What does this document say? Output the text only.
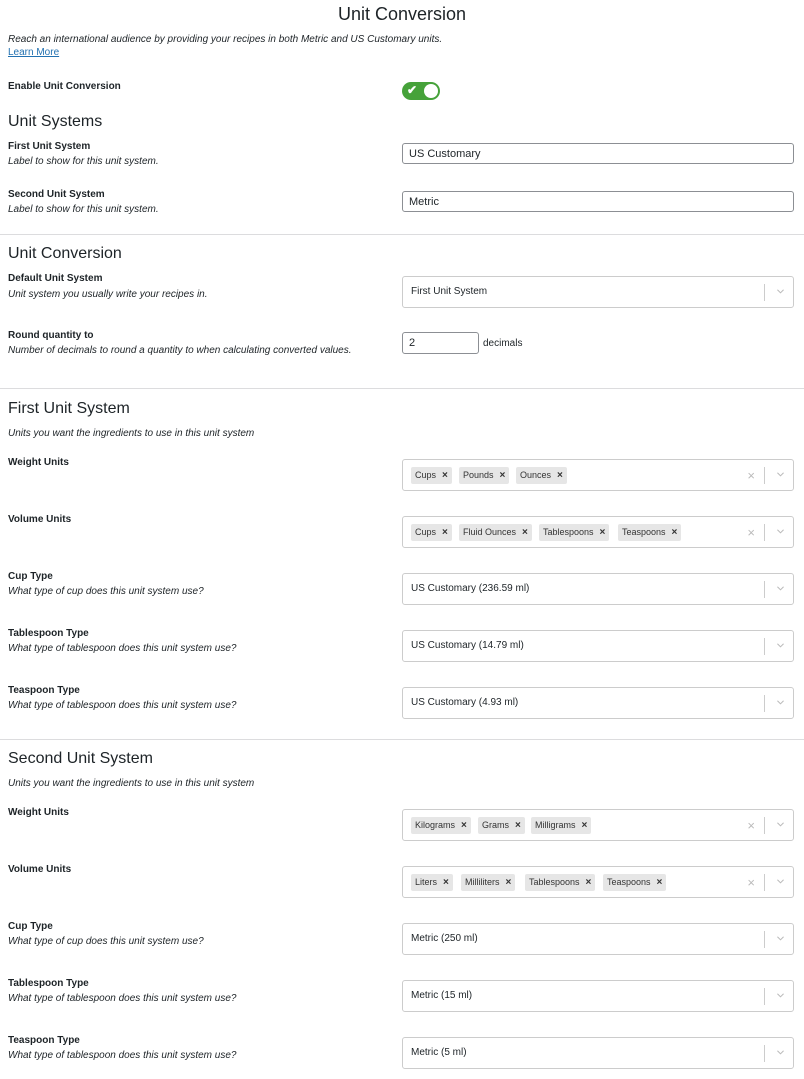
Unit Conversion
Reach an international audience by providing your recipes in both Metric and US Customary units.
Learn More
Enable Unit Conversion	✔
Unit Systems
First Unit System
Label to show for this unit system.
US Customary
Second Unit System
Label to show for this unit system.
Metric
Unit Conversion
Default Unit System
Unit system you usually write your recipes in.	First Unit System
Round quantity to
Number of decimals to round a quantity to when calculating converted values.
2
decimals
First Unit System
Units you want the ingredients to use in this unit system
Weight Units
Cups ×	Pounds ×	Ounces ×	×
Volume Units
Cups ×	Fluid Ounces ×	Tablespoons ×	Teaspoons ×	×
Cup Type
What type of cup does this unit system use?	US Customary (236.59 ml)
Tablespoon Type
What type of tablespoon does this unit system use?	US Customary (14.79 ml)
Teaspoon Type
What type of tablespoon does this unit system use?	US Customary (4.93 ml)
Second Unit System
Units you want the ingredients to use in this unit system
Weight Units
Kilograms ×	Grams ×	Milligrams ×	×
Volume Units
Liters ×	Milliliters ×	Tablespoons ×	Teaspoons ×	×
Cup Type
What type of cup does this unit system use?	Metric (250 ml)
Tablespoon Type
What type of tablespoon does this unit system use?	Metric (15 ml)
Teaspoon Type
What type of tablespoon does this unit system use?	Metric (5 ml)
